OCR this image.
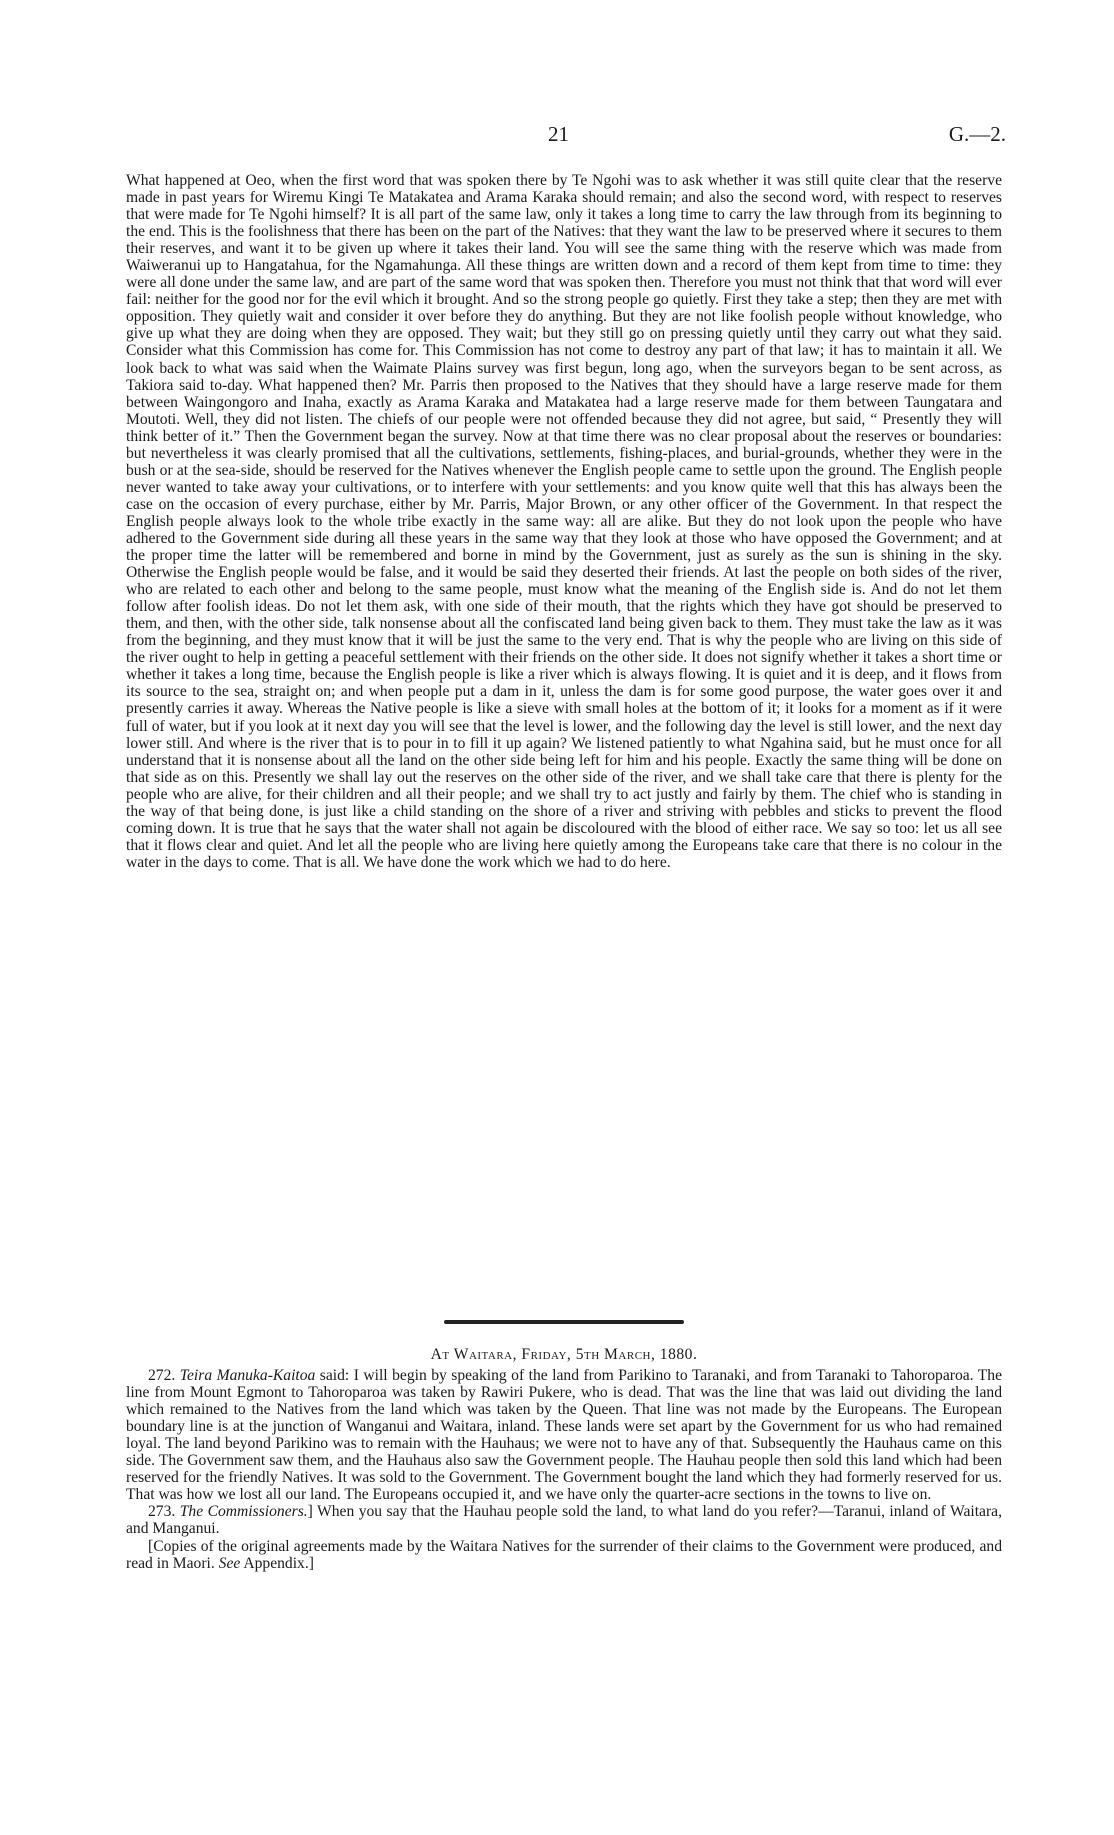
21	G.—2.

What happened at Oeo, when the first word that was spoken there by Te Ngohi was to ask whether it was still quite clear that the reserve made in past years for Wiremu Kingi Te Matakatea and Arama Karaka should remain; and also the second word, with respect to reserves that were made for Te Ngohi himself? It is all part of the same law, only it takes a long time to carry the law through from its beginning to the end. This is the foolishness that there has been on the part of the Natives: that they want the law to be preserved where it secures to them their reserves, and want it to be given up where it takes their land. You will see the same thing with the reserve which was made from Waiweranui up to Hangatahua, for the Ngamahunga. All these things are written down and a record of them kept from time to time: they were all done under the same law, and are part of the same word that was spoken then. Therefore you must not think that that word will ever fail: neither for the good nor for the evil which it brought. And so the strong people go quietly. First they take a step; then they are met with opposition. They quietly wait and consider it over before they do anything. But they are not like foolish people without knowledge, who give up what they are doing when they are opposed. They wait; but they still go on pressing quietly until they carry out what they said. Consider what this Commission has come for. This Commission has not come to destroy any part of that law; it has to maintain it all. We look back to what was said when the Waimate Plains survey was first begun, long ago, when the surveyors began to be sent across, as Takiora said to-day. What happened then? Mr. Parris then proposed to the Natives that they should have a large reserve made for them between Waingongoro and Inaha, exactly as Arama Karaka and Matakatea had a large reserve made for them between Taungatara and Moutoti. Well, they did not listen. The chiefs of our people were not offended because they did not agree, but said, “ Presently they will think better of it.” Then the Government began the survey. Now at that time there was no clear proposal about the reserves or boundaries: but nevertheless it was clearly promised that all the cultivations, settlements, fishing-places, and burial-grounds, whether they were in the bush or at the sea-side, should be reserved for the Natives whenever the English people came to settle upon the ground. The English people never wanted to take away your cultivations, or to interfere with your settlements: and you know quite well that this has always been the case on the occasion of every purchase, either by Mr. Parris, Major Brown, or any other officer of the Government. In that respect the English people always look to the whole tribe exactly in the same way: all are alike. But they do not look upon the people who have adhered to the Government side during all these years in the same way that they look at those who have opposed the Government; and at the proper time the latter will be remembered and borne in mind by the Government, just as surely as the sun is shining in the sky. Otherwise the English people would be false, and it would be said they deserted their friends. At last the people on both sides of the river, who are related to each other and belong to the same people, must know what the meaning of the English side is. And do not let them follow after foolish ideas. Do not let them ask, with one side of their mouth, that the rights which they have got should be preserved to them, and then, with the other side, talk nonsense about all the confiscated land being given back to them. They must take the law as it was from the beginning, and they must know that it will be just the same to the very end. That is why the people who are living on this side of the river ought to help in getting a peaceful settlement with their friends on the other side. It does not signify whether it takes a short time or whether it takes a long time, because the English people is like a river which is always flowing. It is quiet and it is deep, and it flows from its source to the sea, straight on; and when people put a dam in it, unless the dam is for some good purpose, the water goes over it and presently carries it away. Whereas the Native people is like a sieve with small holes at the bottom of it; it looks for a moment as if it were full of water, but if you look at it next day you will see that the level is lower, and the following day the level is still lower, and the next day lower still. And where is the river that is to pour in to fill it up again? We listened patiently to what Ngahina said, but he must once for all understand that it is nonsense about all the land on the other side being left for him and his people. Exactly the same thing will be done on that side as on this. Presently we shall lay out the reserves on the other side of the river, and we shall take care that there is plenty for the people who are alive, for their children and all their people; and we shall try to act justly and fairly by them. The chief who is standing in the way of that being done, is just like a child standing on the shore of a river and striving with pebbles and sticks to prevent the flood coming down. It is true that he says that the water shall not again be discoloured with the blood of either race. We say so too: let us all see that it flows clear and quiet. And let all the people who are living here quietly among the Europeans take care that there is no colour in the water in the days to come. That is all. We have done the work which we had to do here.

At Waitara, Friday, 5th March, 1880.

272. Teira Manuka-Kaitoa said: I will begin by speaking of the land from Parikino to Taranaki, and from Taranaki to Tahoroparoa. The line from Mount Egmont to Tahoroparoa was taken by Rawiri Pukere, who is dead. That was the line that was laid out dividing the land which remained to the Natives from the land which was taken by the Queen. That line was not made by the Europeans. The European boundary line is at the junction of Wanganui and Waitara, inland. These lands were set apart by the Government for us who had remained loyal. The land beyond Parikino was to remain with the Hauhaus; we were not to have any of that. Subsequently the Hauhaus came on this side. The Government saw them, and the Hauhaus also saw the Government people. The Hauhau people then sold this land which had been reserved for the friendly Natives. It was sold to the Government. The Government bought the land which they had formerly reserved for us. That was how we lost all our land. The Europeans occupied it, and we have only the quarter-acre sections in the towns to live on.

273. The Commissioners.] When you say that the Hauhau people sold the land, to what land do you refer?—Taranui, inland of Waitara, and Manganui.

[Copies of the original agreements made by the Waitara Natives for the surrender of their claims to the Government were produced, and read in Maori. See Appendix.]
